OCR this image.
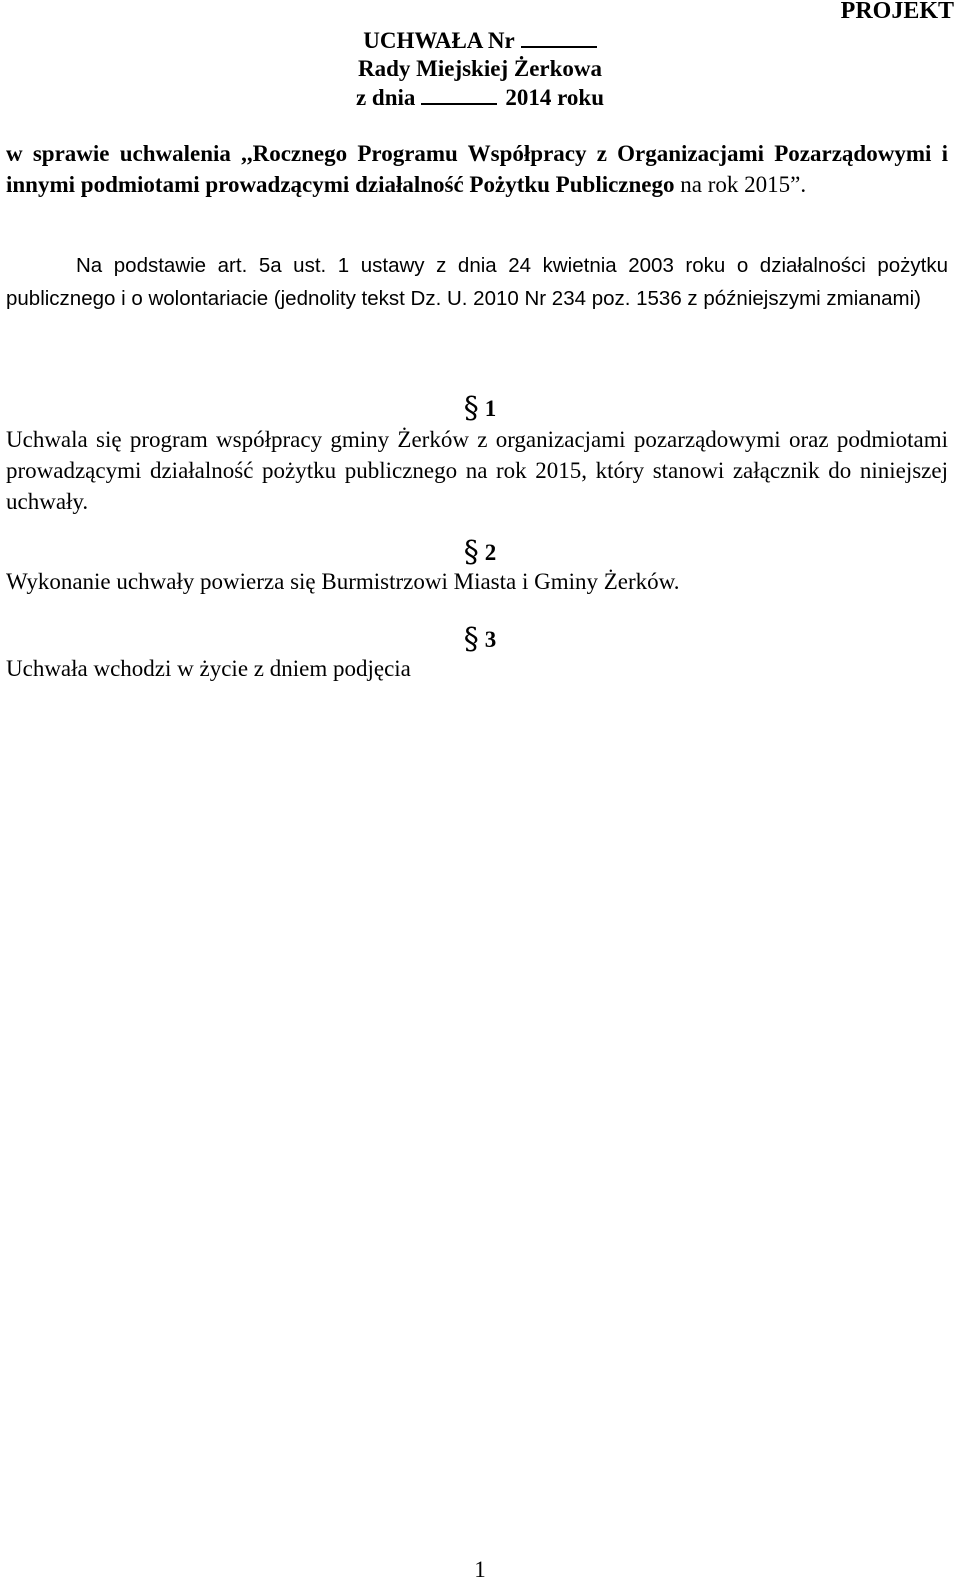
PROJEKT
UCHWAŁA Nr
Rady Miejskiej Żerkowa
z dnia	2014 roku
w sprawie uchwalenia ,,Rocznego Programu Współpracy z Organizacjami Pozarządowymi i innymi podmiotami prowadzącymi działalność Pożytku Publicznego na rok 2015”.
Na podstawie art. 5a ust. 1 ustawy z dnia 24 kwietnia 2003 roku o działalności pożytku publicznego i o wolontariacie (jednolity tekst Dz. U. 2010 Nr 234 poz. 1536 z późniejszymi zmianami)
§ 1
Uchwala się program współpracy gminy Żerków z organizacjami pozarządowymi oraz podmiotami prowadzącymi działalność pożytku publicznego na rok 2015, który stanowi załącznik do niniejszej uchwały.
§ 2
Wykonanie uchwały powierza się Burmistrzowi Miasta i Gminy Żerków.
§ 3
Uchwała wchodzi w życie z dniem podjęcia
1
